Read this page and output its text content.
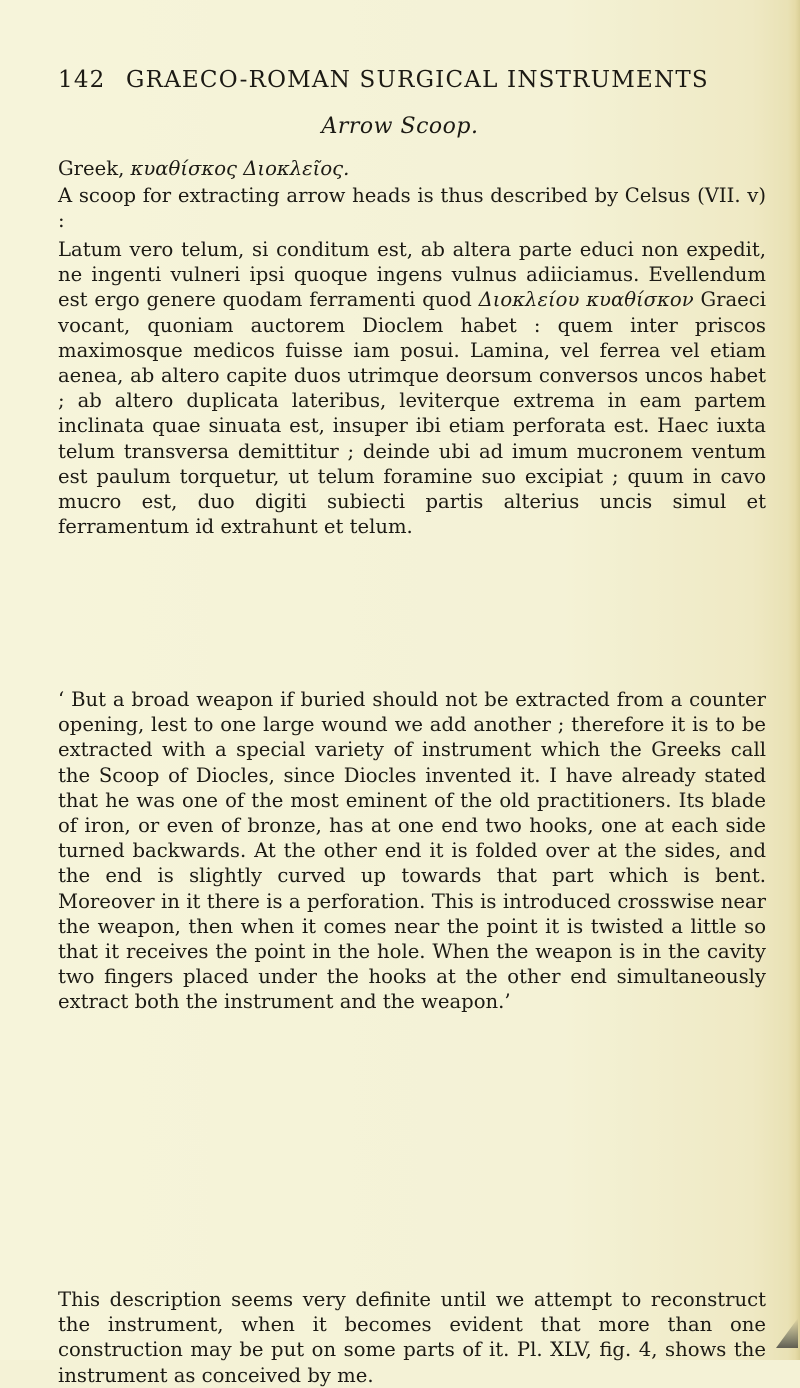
142 GRAECO-ROMAN SURGICAL INSTRUMENTS
Arrow Scoop.

Greek, κυαθίσκος Διοκλεῖος.

A scoop for extracting arrow heads is thus described by Celsus (VII. v) :

Latum vero telum, si conditum est, ab altera parte educi non expedit, ne ingenti vulneri ipsi quoque ingens vulnus adiiciamus. Evellendum est ergo genere quodam ferramenti quod Διοκλείου κυαθίσκον Graeci vocant, quoniam auctorem Dioclem habet : quem inter priscos maximosque medicos fuisse iam posui. Lamina, vel ferrea vel etiam aenea, ab altero capite duos utrimque deorsum conversos uncos habet ; ab altero duplicata lateribus, leviterque extrema in eam partem inclinata quae sinuata est, insuper ibi etiam perforata est. Haec iuxta telum transversa demittitur ; deinde ubi ad imum mucronem ventum est paulum torquetur, ut telum foramine suo excipiat ; quum in cavo mucro est, duo digiti subiecti partis alterius uncis simul et ferramentum id extrahunt et telum.

‘ But a broad weapon if buried should not be extracted from a counter opening, lest to one large wound we add another ; therefore it is to be extracted with a special variety of instrument which the Greeks call the Scoop of Diocles, since Diocles invented it. I have already stated that he was one of the most eminent of the old practitioners. Its blade of iron, or even of bronze, has at one end two hooks, one at each side turned backwards. At the other end it is folded over at the sides, and the end is slightly curved up towards that part which is bent. Moreover in it there is a perforation. This is introduced crosswise near the weapon, then when it comes near the point it is twisted a little so that it receives the point in the hole. When the weapon is in the cavity two fingers placed under the hooks at the other end simultaneously extract both the instrument and the weapon.’

This description seems very definite until we attempt to reconstruct the instrument, when it becomes evident that more than one construction may be put on some parts of it. Pl. XLV, fig. 4, shows the instrument as conceived by me.
